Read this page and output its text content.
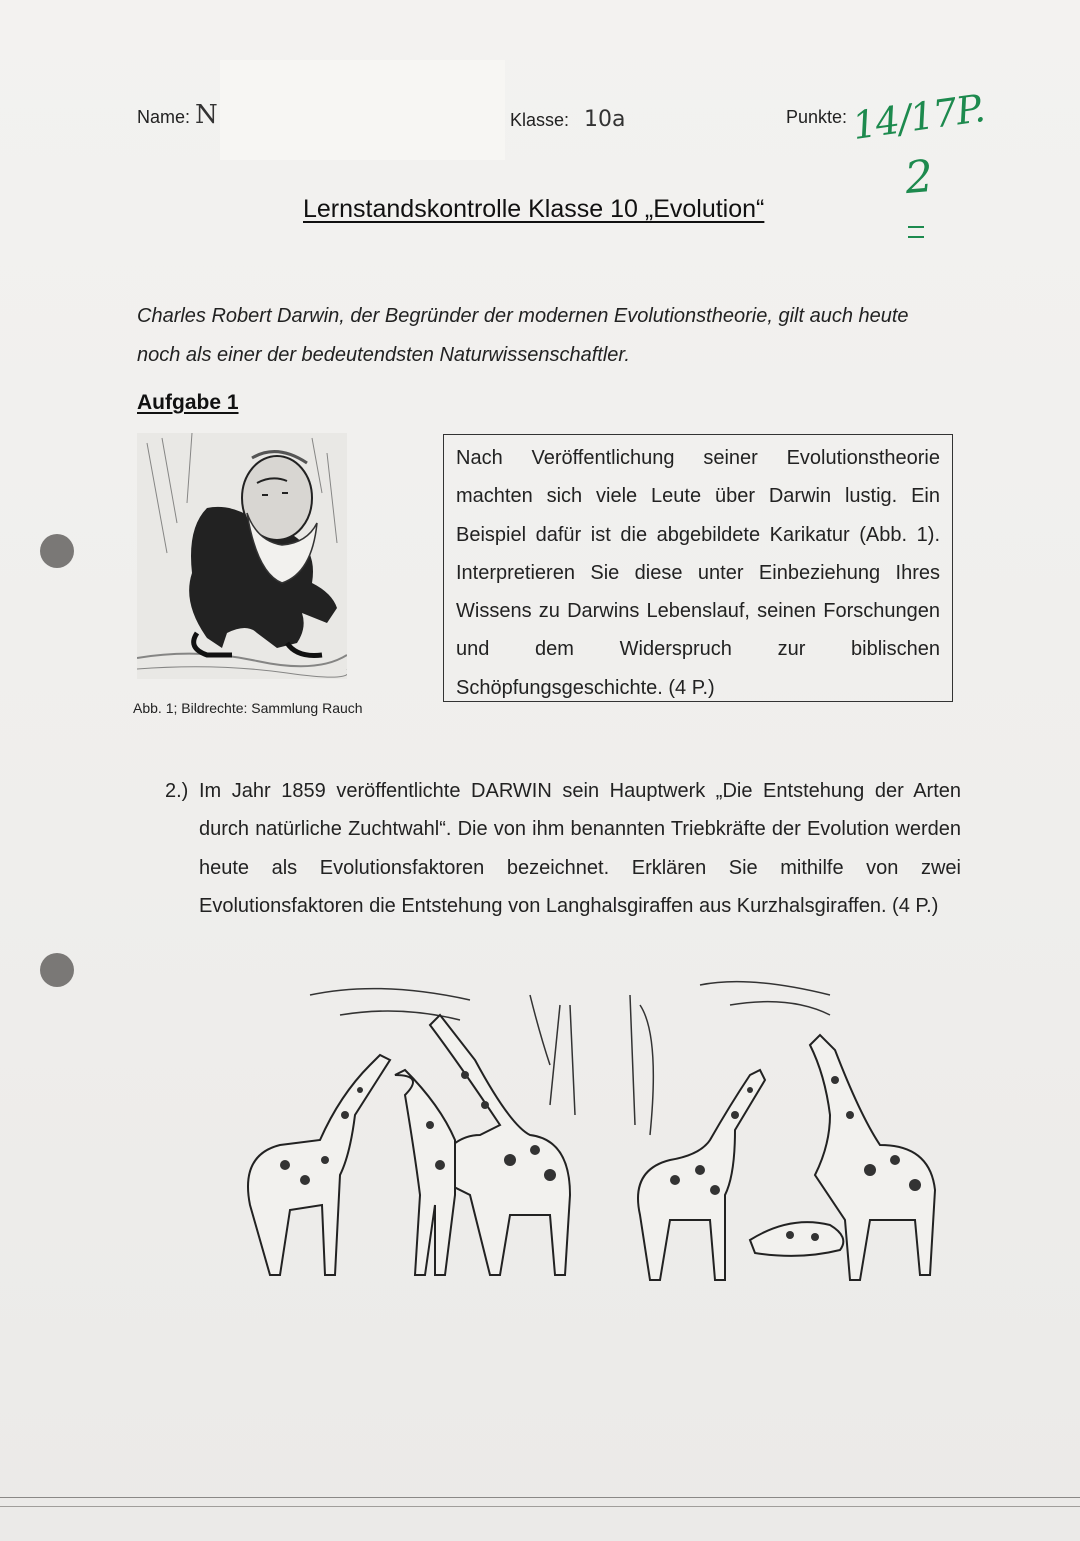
Name: N	Klasse: 10a	Punkte: 14/17P.
2
Lernstandskontrolle Klasse 10 „Evolution“
Charles Robert Darwin, der Begründer der modernen Evolutionstheorie, gilt auch heute noch als einer der bedeutendsten Naturwissenschaftler.
Aufgabe 1
Abb. 1; Bildrechte: Sammlung Rauch

Nach Veröffentlichung seiner Evolutionstheorie machten sich viele Leute über Darwin lustig. Ein Beispiel dafür ist die abgebildete Karikatur (Abb. 1). Interpretieren Sie diese unter Einbeziehung Ihres Wissens zu Darwins Lebenslauf, seinen Forschungen und dem Widerspruch zur biblischen Schöpfungsgeschichte. (4 P.)

2.) Im Jahr 1859 veröffentlichte DARWIN sein Hauptwerk „Die Entstehung der Arten durch natürliche Zuchtwahl“. Die von ihm benannten Triebkräfte der Evolution werden heute als Evolutionsfaktoren bezeichnet. Erklären Sie mithilfe von zwei Evolutionsfaktoren die Entstehung von Langhalsgiraffen aus Kurzhalsgiraffen. (4 P.)
